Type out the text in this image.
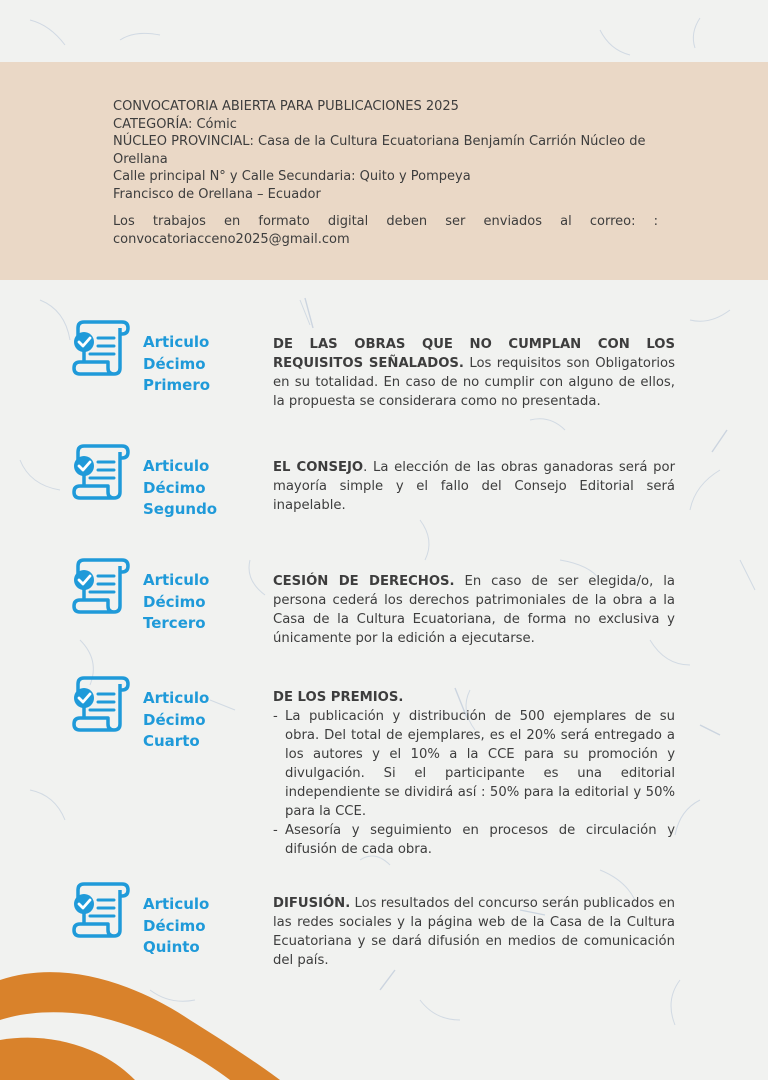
CONVOCATORIA ABIERTA PARA PUBLICACIONES 2025
CATEGORÍA: Cómic
NÚCLEO PROVINCIAL: Casa de la Cultura Ecuatoriana Benjamín Carrión Núcleo de Orellana
Calle principal N° y Calle Secundaria: Quito y Pompeya
Francisco de Orellana – Ecuador
Los trabajos en formato digital deben ser enviados al correo: : convocatoriacceno2025@gmail.com
Articulo
Décimo
Primero
DE LAS OBRAS QUE NO CUMPLAN CON LOS REQUISITOS SEÑALADOS. Los requisitos son Obligatorios en su totalidad. En caso de no cumplir con alguno de ellos, la propuesta se considerara como no presentada.
Articulo
Décimo
Segundo
EL CONSEJO. La elección de las obras ganadoras será por mayoría simple y el fallo del Consejo Editorial será inapelable.
Articulo
Décimo
Tercero
CESIÓN DE DERECHOS. En caso de ser elegida/o, la persona cederá los derechos patrimoniales de la obra a la Casa de la Cultura Ecuatoriana, de forma no exclusiva y únicamente por la edición a ejecutarse.
Articulo
Décimo
Cuarto
DE LOS PREMIOS.
- La publicación y distribución de 500 ejemplares de su obra. Del total de ejemplares, es el 20% será entregado a los autores y el 10% a la CCE para su promoción y divulgación. Si el participante es una editorial independiente se dividirá así : 50% para la editorial y 50% para la CCE.
- Asesoría y seguimiento en procesos de circulación y difusión de cada obra.
Articulo
Décimo
Quinto
DIFUSIÓN. Los resultados del concurso serán publicados en las redes sociales y la página web de la Casa de la Cultura Ecuatoriana y se dará difusión en medios de comunicación del país.
